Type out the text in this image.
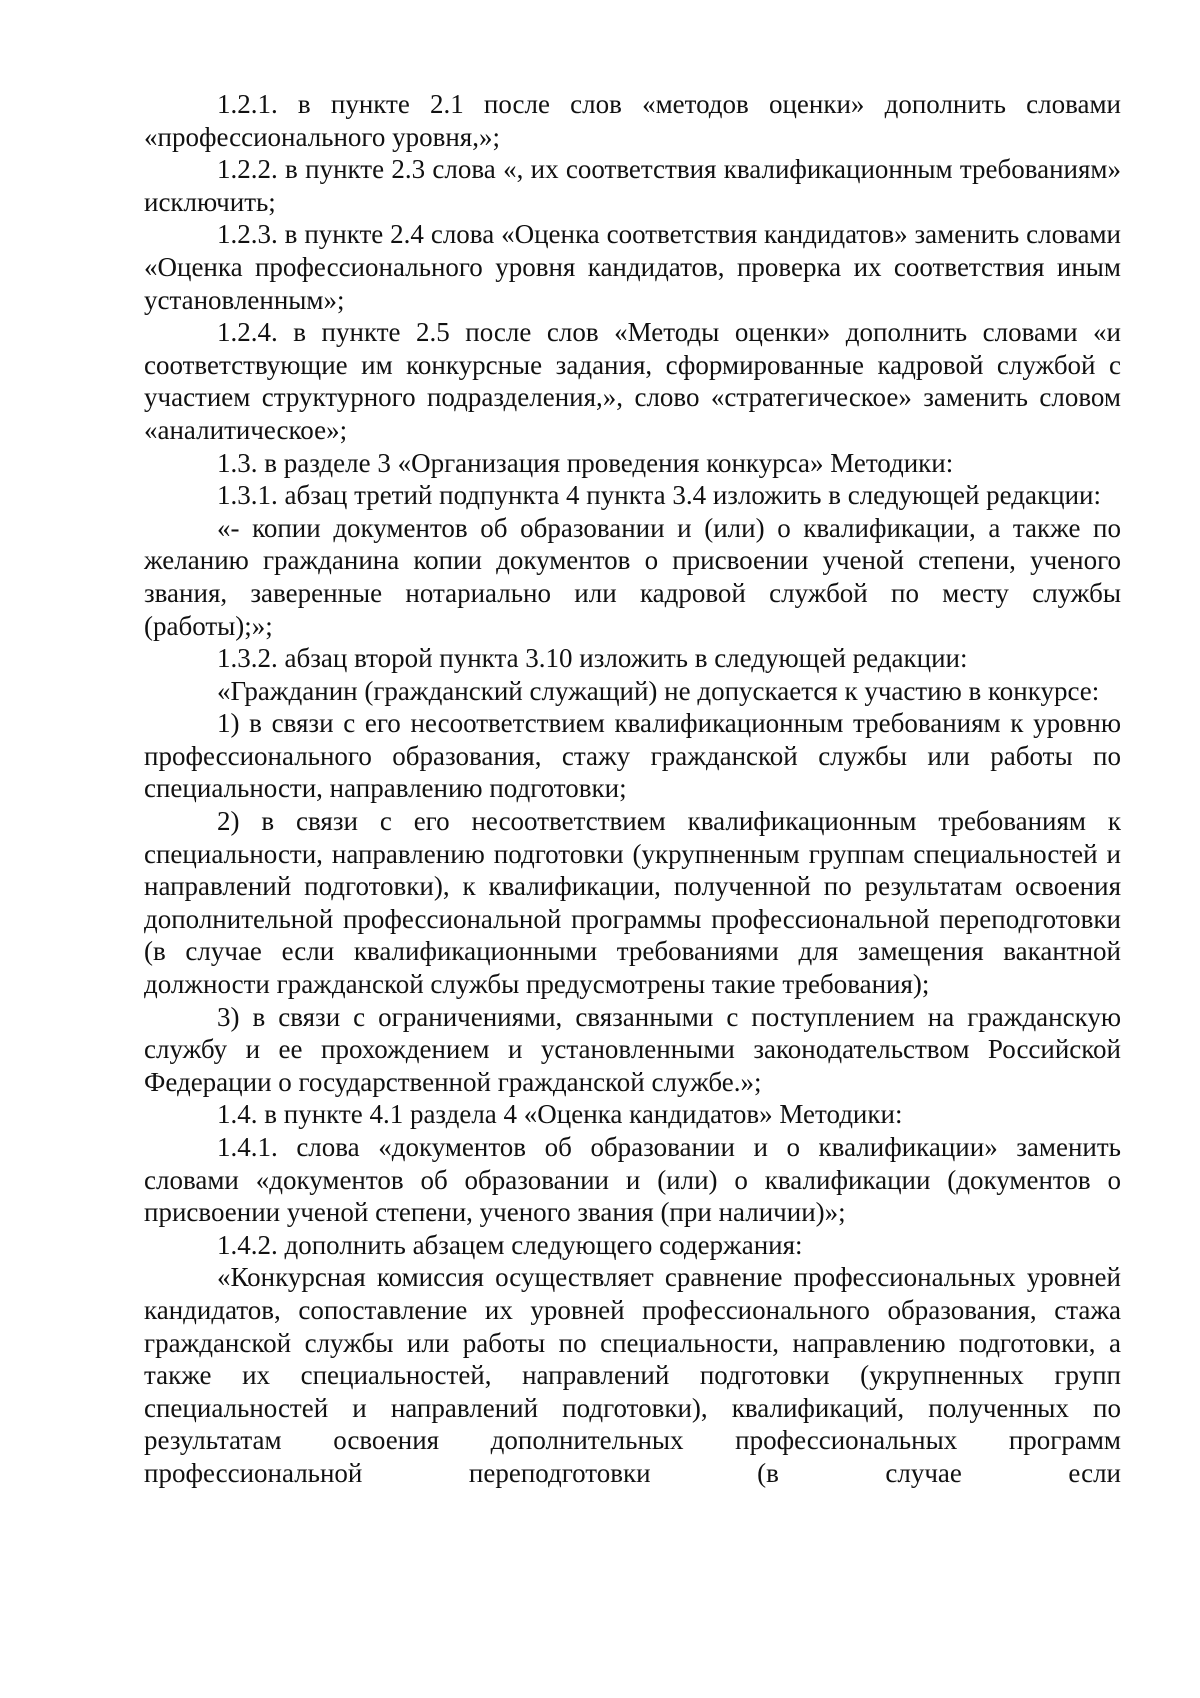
1.2.1. в пункте 2.1 после слов «методов оценки» дополнить словами «профессионального уровня,»;

1.2.2. в пункте 2.3 слова «, их соответствия квалификационным требованиям» исключить;

1.2.3. в пункте 2.4 слова «Оценка соответствия кандидатов» заменить словами «Оценка профессионального уровня кандидатов, проверка их соответствия иным установленным»;

1.2.4. в пункте 2.5 после слов «Методы оценки» дополнить словами «и соответствующие им конкурсные задания, сформированные кадровой службой с участием структурного подразделения,», слово «стратегическое» заменить словом «аналитическое»;

1.3. в разделе 3 «Организация проведения конкурса» Методики:

1.3.1. абзац третий подпункта 4 пункта 3.4 изложить в следующей редакции:

«- копии документов об образовании и (или) о квалификации, а также по желанию гражданина копии документов о присвоении ученой степени, ученого звания, заверенные нотариально или кадровой службой по месту службы (работы);»;

1.3.2. абзац второй пункта 3.10 изложить в следующей редакции:

«Гражданин (гражданский служащий) не допускается к участию в конкурсе:

1) в связи с его несоответствием квалификационным требованиям к уровню профессионального образования, стажу гражданской службы или работы по специальности, направлению подготовки;

2) в связи с его несоответствием квалификационным требованиям к специальности, направлению подготовки (укрупненным группам специальностей и направлений подготовки), к квалификации, полученной по результатам освоения дополнительной профессиональной программы профессиональной переподготовки (в случае если квалификационными требованиями для замещения вакантной должности гражданской службы предусмотрены такие требования);

3) в связи с ограничениями, связанными с поступлением на гражданскую службу и ее прохождением и установленными законодательством Российской Федерации о государственной гражданской службе.»;

1.4. в пункте 4.1 раздела 4 «Оценка кандидатов» Методики:

1.4.1. слова «документов об образовании и о квалификации» заменить словами «документов об образовании и (или) о квалификации (документов о присвоении ученой степени, ученого звания (при наличии)»;

1.4.2. дополнить абзацем следующего содержания:

«Конкурсная комиссия осуществляет сравнение профессиональных уровней кандидатов, сопоставление их уровней профессионального образования, стажа гражданской службы или работы по специальности, направлению подготовки, а также их специальностей, направлений подготовки (укрупненных групп специальностей и направлений подготовки), квалификаций, полученных по результатам освоения дополнительных профессиональных программ профессиональной переподготовки (в случае если
